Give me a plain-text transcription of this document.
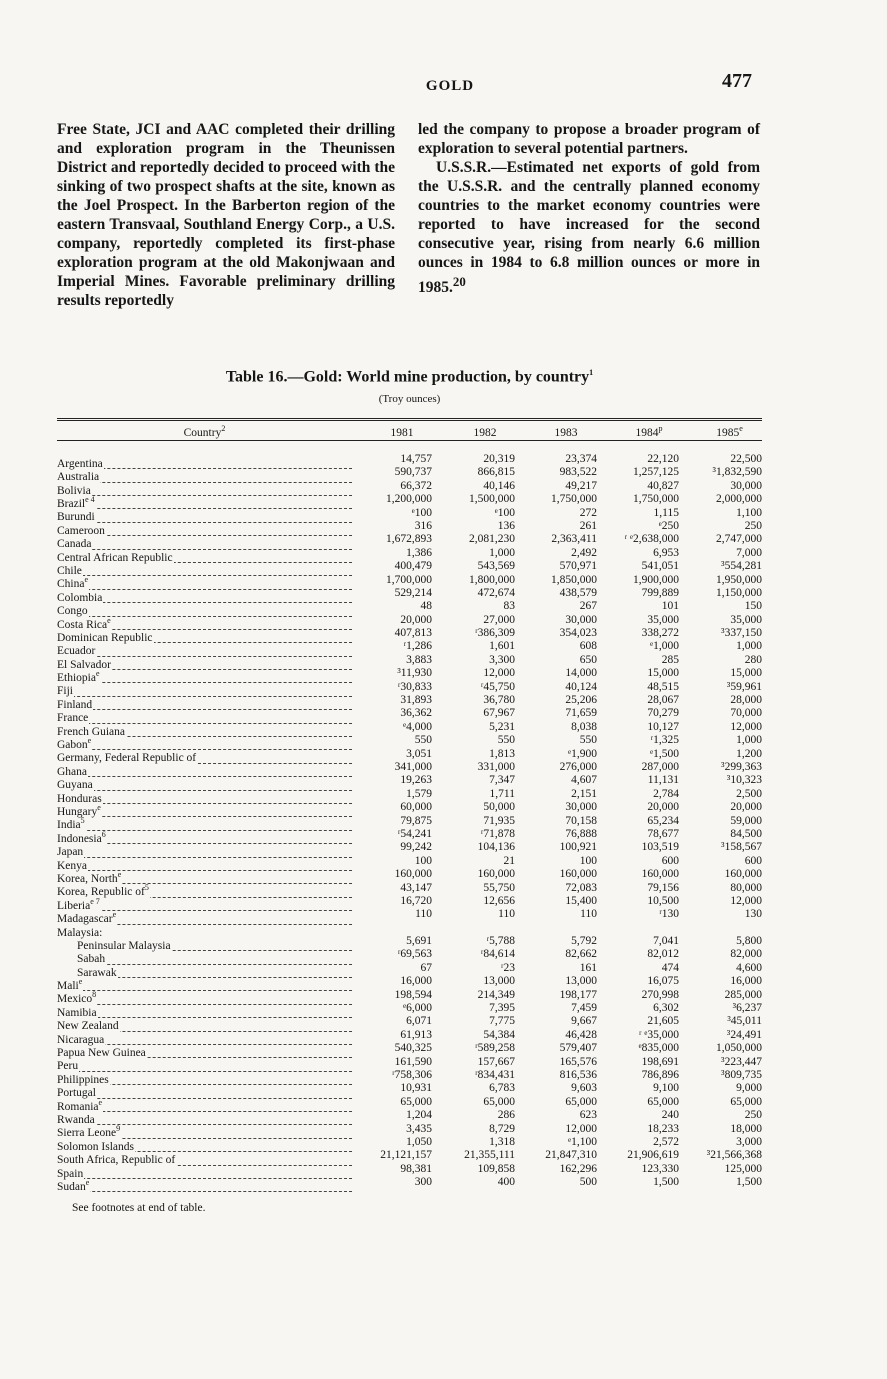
GOLD	477

Free State, JCI and AAC completed their drilling and exploration program in the Theunissen District and reportedly decided to proceed with the sinking of two prospect shafts at the site, known as the Joel Prospect. In the Barberton region of the eastern Transvaal, Southland Energy Corp., a U.S. company, reportedly completed its first-phase exploration program at the old Makonjwaan and Imperial Mines. Favorable preliminary drilling results reportedly

led the company to propose a broader program of exploration to several potential partners.

U.S.S.R.—Estimated net exports of gold from the U.S.S.R. and the centrally planned economy countries to the market economy countries were reported to have increased for the second consecutive year, rising from nearly 6.6 million ounces in 1984 to 6.8 million ounces or more in 1985.20

Table 16.—Gold: World mine production, by country$^1$
(Troy ounces)
Country$^2$	1981	1982	1983	1984$^p$	1985e
Argentina	14,757	20,319	23,374	22,120	22,500
Australia	590,737	866,815	983,522	1,257,125	³1,832,590
Bolivia	66,372	40,146	49,217	40,827	30,000
Brazil$^{e 4}$	1,200,000	1,500,000	1,750,000	1,750,000	2,000,000
Burundi	ᵉ100	ᵉ100	272	1,115	1,100
Cameroon	316	136	261	ᵉ250	250
Canada	1,672,893	2,081,230	2,363,411	ʳ ᵉ2,638,000	2,747,000
Central African Republic	1,386	1,000	2,492	6,953	7,000
Chile	400,479	543,569	570,971	541,051	³554,281
China$^e$	1,700,000	1,800,000	1,850,000	1,900,000	1,950,000
Colombia	529,214	472,674	438,579	799,889	1,150,000
Congo	48	83	267	101	150
Costa Rica$^e$	20,000	27,000	30,000	35,000	35,000
Dominican Republic	407,813	ʳ386,309	354,023	338,272	³337,150
Ecuador	ʳ1,286	1,601	608	ᵉ1,000	1,000
El Salvador	3,883	3,300	650	285	280
Ethiopia$^e$	³11,930	12,000	14,000	15,000	15,000
Fiji	ʳ30,833	ʳ45,750	40,124	48,515	³59,961
Finland	31,893	36,780	25,206	28,067	28,000
France	36,362	67,967	71,659	70,279	70,000
French Guiana	ᵉ4,000	5,231	8,038	10,127	12,000
Gabon$^e$	550	550	550	ʳ1,325	1,000
Germany, Federal Republic of	3,051	1,813	ᵉ1,900	ᵉ1,500	1,200
Ghana	341,000	331,000	276,000	287,000	³299,363
Guyana	19,263	7,347	4,607	11,131	³10,323
Honduras	1,579	1,711	2,151	2,784	2,500
Hungary$^e$	60,000	50,000	30,000	20,000	20,000
India$^5$	79,875	71,935	70,158	65,234	59,000
Indonesia$^6$	ʳ54,241	ʳ71,878	76,888	78,677	84,500
Japan	99,242	104,136	100,921	103,519	³158,567
Kenya	100	21	100	600	600
Korea, North$^e$	160,000	160,000	160,000	160,000	160,000
Korea, Republic $of^5$	43,147	55,750	72,083	79,156	80,000
Liberia$^{e 7}$	16,720	12,656	15,400	10,500	12,000
Madagascar$^e$	110	110	110	ʳ130	130
Malaysia:
Peninsular Malaysia	5,691	ʳ5,788	5,792	7,041	5,800
Sabah	ʳ69,563	ʳ84,614	82,662	82,012	82,000
Sarawak	67	ʳ23	161	474	4,600
Mali$^e$	16,000	13,000	13,000	16,075	16,000
Mexico$^8$	198,594	214,349	198,177	270,998	285,000
Namibia	ᵉ6,000	7,395	7,459	6,302	³6,237
New Zealand	6,071	7,775	9,667	21,605	³45,011
Nicaragua	61,913	54,384	46,428	ʳ ᵉ35,000	³24,491
Papua New Guinea	540,325	ʳ589,258	579,407	ᵉ835,000	1,050,000
Peru	161,590	157,667	165,576	198,691	³223,447
Philippines	ʳ758,306	ʳ834,431	816,536	786,896	³809,735
Portugal	10,931	6,783	9,603	9,100	9,000
Romania$^e$	65,000	65,000	65,000	65,000	65,000
Rwanda	1,204	286	623	240	250
Sierra Leone$^9$	3,435	8,729	12,000	18,233	18,000
Solomon Islands	1,050	1,318	ᵉ1,100	2,572	3,000
South Africa, Republic of	21,121,157	21,355,111	21,847,310	21,906,619	³21,566,368
Spain	98,381	109,858	162,296	123,330	125,000
Sudan$^e$	300	400	500	1,500	1,500
See footnotes at end of table.
